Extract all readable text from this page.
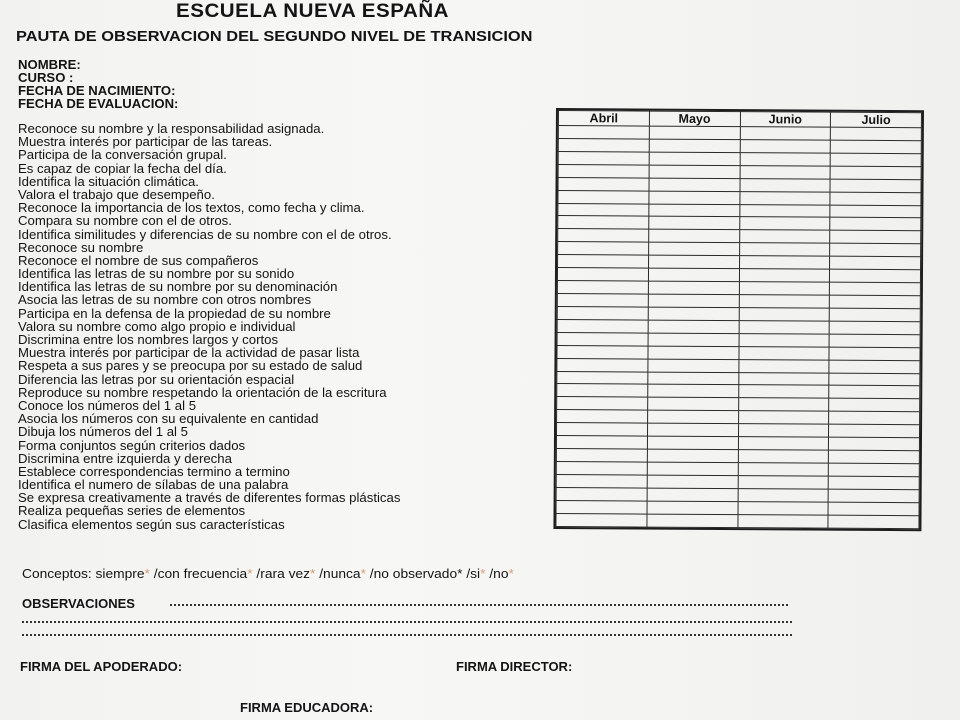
ESCUELA NUEVA ESPAÑA
PAUTA DE OBSERVACION DEL SEGUNDO NIVEL DE TRANSICION
NOMBRE:
CURSO :
FECHA DE NACIMIENTO:
FECHA DE EVALUACION:
Reconoce su nombre y la responsabilidad asignada.
Muestra interés por participar de las tareas.
Participa de la conversación grupal.
Es capaz de copiar la fecha del día.
Identifica la situación climática.
Valora el trabajo que desempeño.
Reconoce la importancia de los textos, como fecha y clima.
Compara su nombre con el de otros.
Identifica similitudes y diferencias de su nombre con el de otros.
Reconoce su nombre
Reconoce el nombre de sus compañeros
Identifica las letras de su nombre por su sonido
Identifica las letras de su nombre por su denominación
Asocia las letras de su nombre con otros nombres
Participa en la defensa de la propiedad de su nombre
Valora su nombre como algo propio e individual
Discrimina entre los nombres largos y cortos
Muestra interés por participar de la actividad de pasar lista
Respeta a sus pares y se preocupa por su estado de salud
Diferencia las letras por su orientación espacial
Reproduce su nombre respetando la orientación de la escritura
Conoce los números del 1 al 5
Asocia los números con su equivalente en cantidad
Dibuja los números del 1 al 5
Forma conjuntos según criterios dados
Discrimina entre izquierda y derecha
Establece correspondencias termino a termino
Identifica el numero de sílabas de una palabra
Se expresa creativamente a través de diferentes formas plásticas
Realiza pequeñas series de elementos
Clasifica elementos según sus características
Abril	Mayo	Junio	Julio

Conceptos: siempre* /con frecuencia* /rara vez* /nunca* /no observado* /si* /no*
OBSERVACIONES
FIRMA DEL APODERADO:	FIRMA DIRECTOR:
FIRMA EDUCADORA:
